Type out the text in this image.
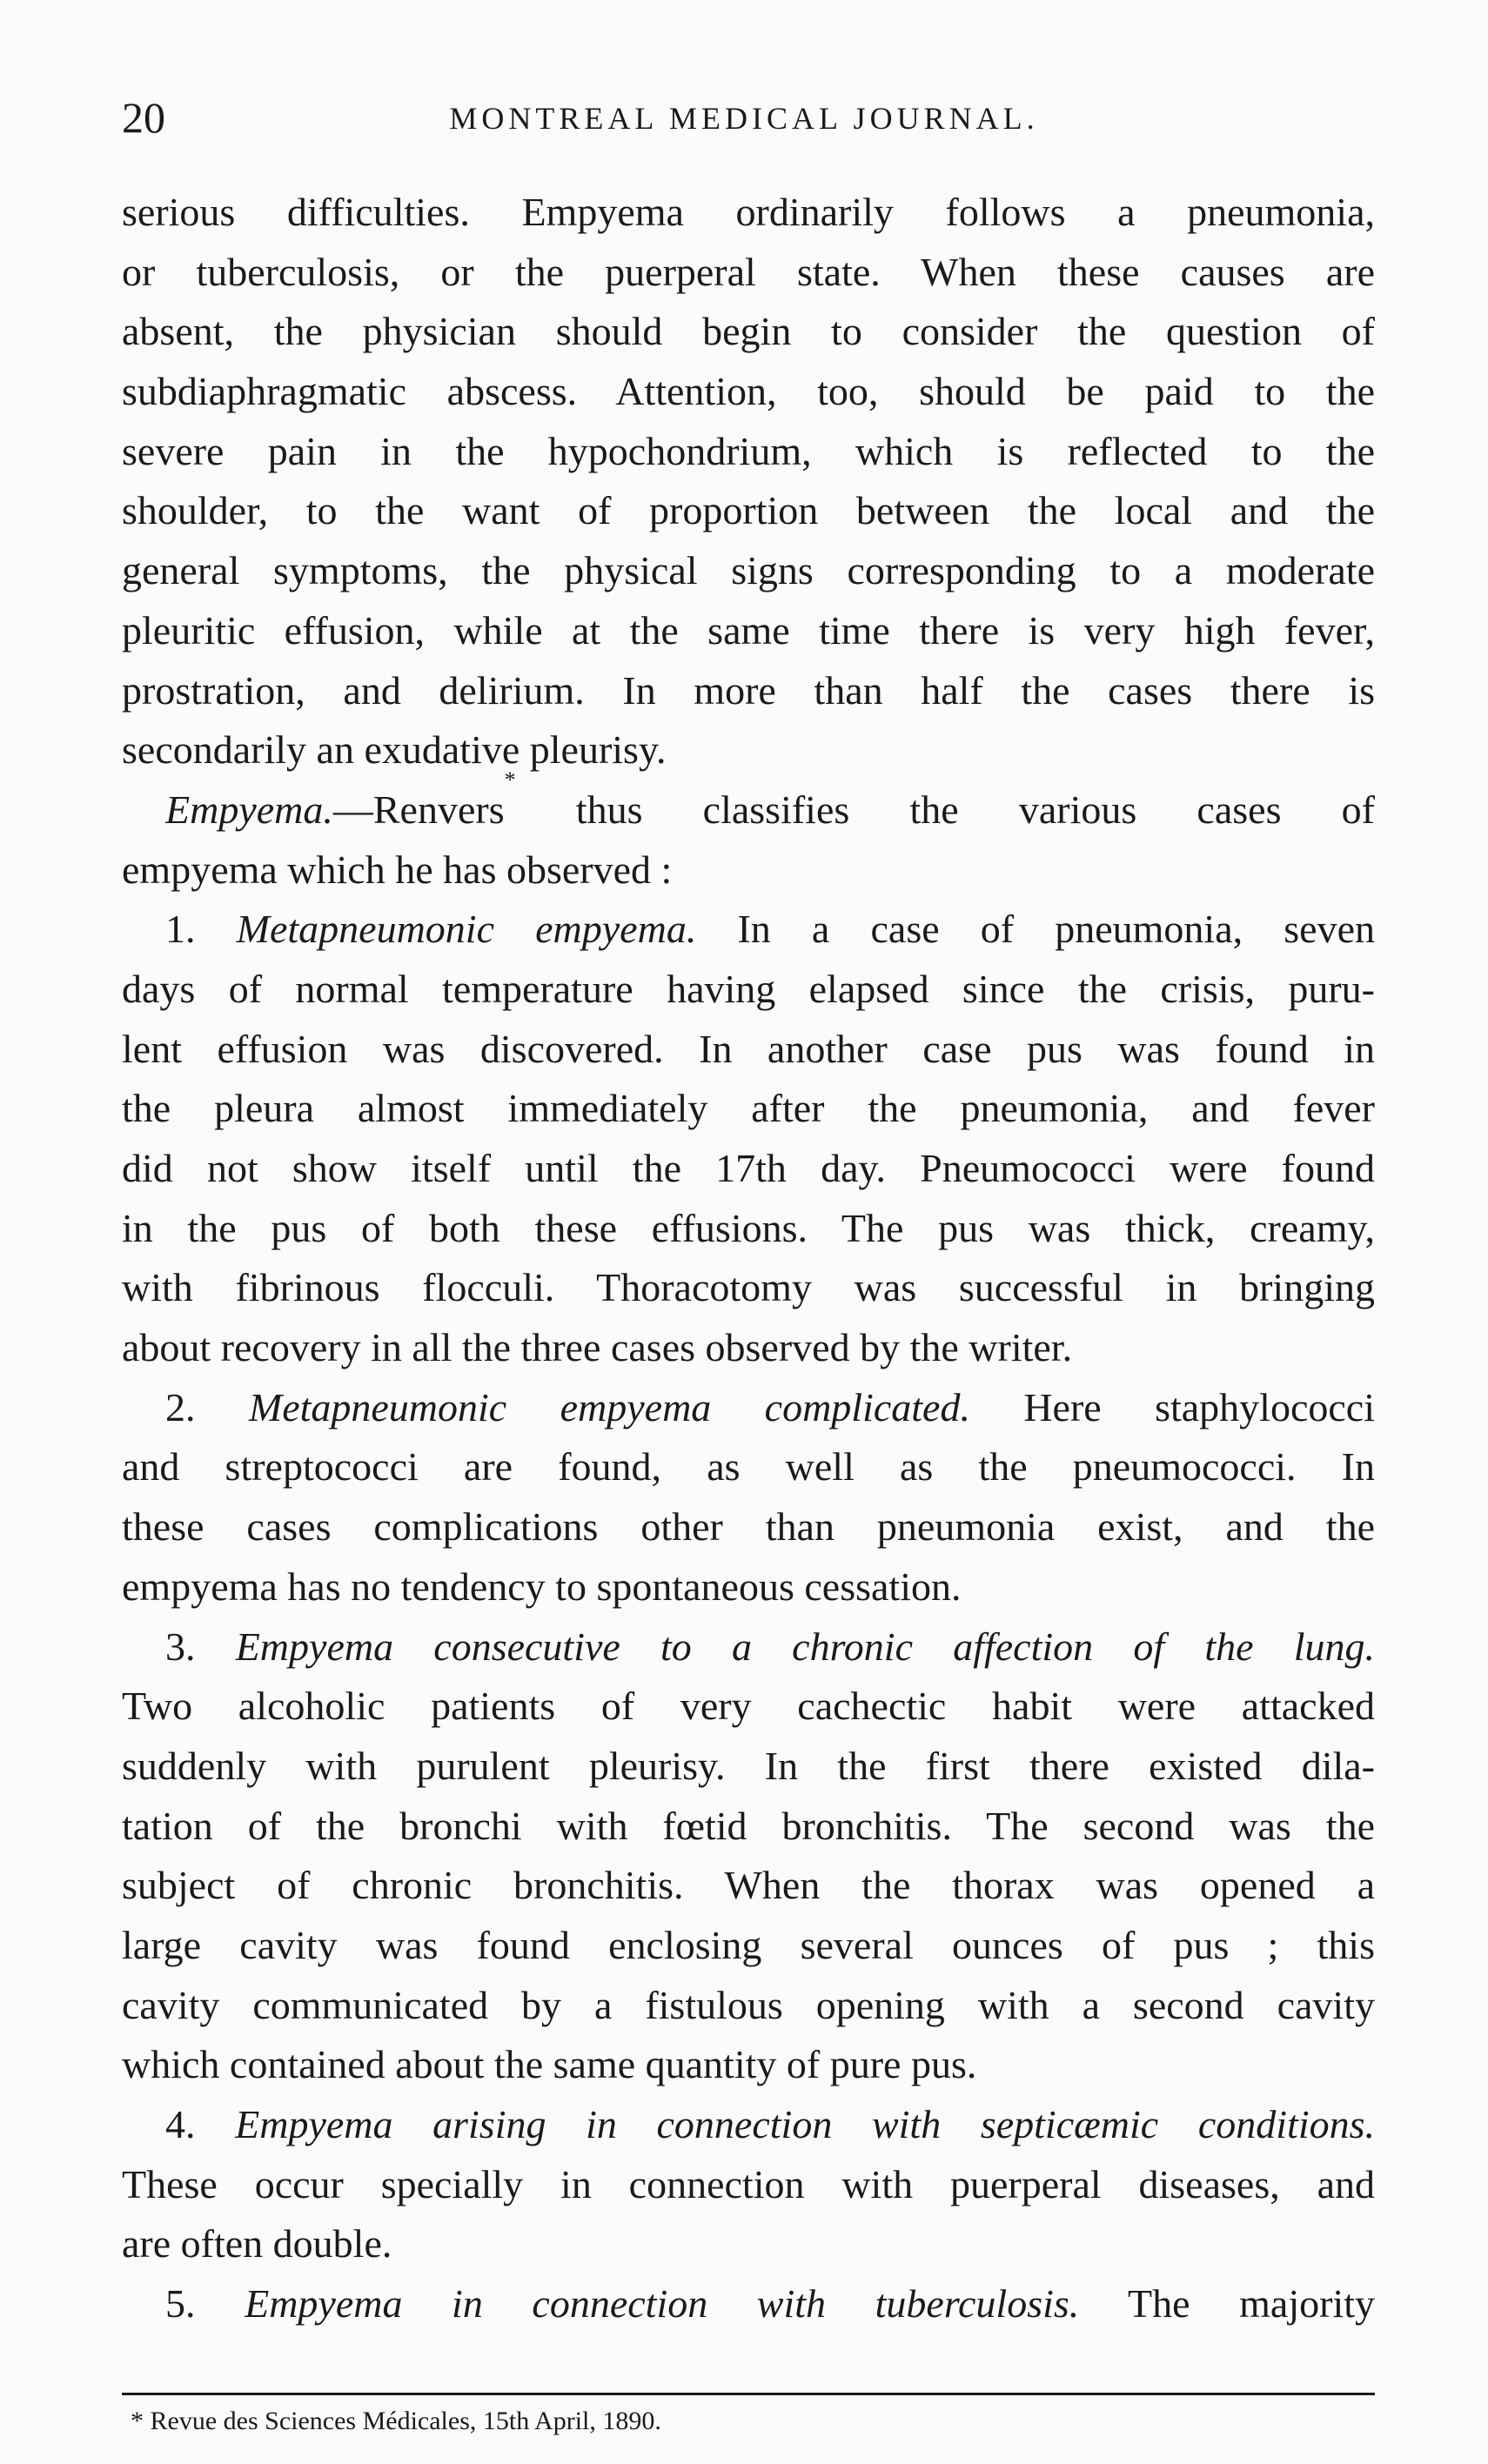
20	MONTREAL MEDICAL JOURNAL.
serious difficulties. Empyema ordinarily follows a pneumonia,
or tuberculosis, or the puerperal state. When these causes are
absent, the physician should begin to consider the question of
subdiaphragmatic abscess. Attention, too, should be paid to the
severe pain in the hypochondrium, which is reflected to the
shoulder, to the want of proportion between the local and the
general symptoms, the physical signs corresponding to a moderate
pleuritic effusion, while at the same time there is very high fever,
prostration, and delirium. In more than half the cases there is
secondarily an exudative pleurisy.
Empyema.—Renvers* thus classifies the various cases of
empyema which he has observed :
1. Metapneumonic empyema. In a case of pneumonia, seven
days of normal temperature having elapsed since the crisis, puru-
lent effusion was discovered. In another case pus was found in
the pleura almost immediately after the pneumonia, and fever
did not show itself until the 17th day. Pneumococci were found
in the pus of both these effusions. The pus was thick, creamy,
with fibrinous flocculi. Thoracotomy was successful in bringing
about recovery in all the three cases observed by the writer.
2. Metapneumonic empyema complicated. Here staphylococci
and streptococci are found, as well as the pneumococci. In
these cases complications other than pneumonia exist, and the
empyema has no tendency to spontaneous cessation.
3. Empyema consecutive to a chronic affection of the lung.
Two alcoholic patients of very cachectic habit were attacked
suddenly with purulent pleurisy. In the first there existed dila-
tation of the bronchi with fœtid bronchitis. The second was the
subject of chronic bronchitis. When the thorax was opened a
large cavity was found enclosing several ounces of pus ; this
cavity communicated by a fistulous opening with a second cavity
which contained about the same quantity of pure pus.
4. Empyema arising in connection with septicæmic conditions.
These occur specially in connection with puerperal diseases, and
are often double.
5. Empyema in connection with tuberculosis. The majority
* Revue des Sciences Médicales, 15th April, 1890.
